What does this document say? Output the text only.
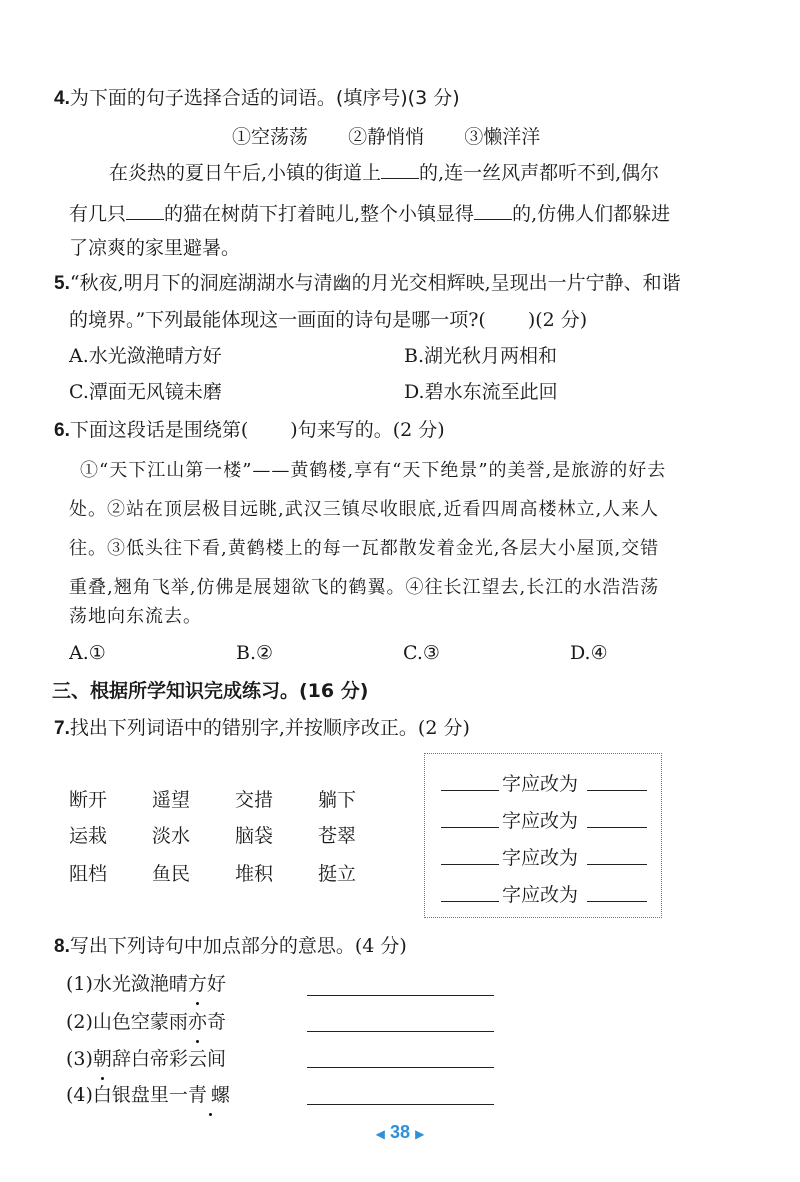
4.为下面的句子选择合适的词语。(填序号)(3 分)
①空荡荡 ②静悄悄 ③懒洋洋
在炎热的夏日午后,小镇的街道上 的,连一丝风声都听不到,偶尔
有几只 的猫在树荫下打着盹儿,整个小镇显得 的,仿佛人们都躲进
了凉爽的家里避暑。
5.“秋夜,明月下的洞庭湖湖水与清幽的月光交相辉映,呈现出一片宁静、和谐
的境界。”下列最能体现这一画面的诗句是哪一项?( )(2 分)
A.水光潋滟晴方好	B.湖光秋月两相和
C.潭面无风镜未磨	D.碧水东流至此回
6.下面这段话是围绕第( )句来写的。(2 分)
①“天下江山第一楼”——黄鹤楼,享有“天下绝景”的美誉,是旅游的好去
处。②站在顶层极目远眺,武汉三镇尽收眼底,近看四周高楼林立,人来人
往。③低头往下看,黄鹤楼上的每一瓦都散发着金光,各层大小屋顶,交错
重叠,翘角飞举,仿佛是展翅欲飞的鹤翼。④往长江望去,长江的水浩浩荡
荡地向东流去。
A.①	B.②	C.③	D.④
三、根据所学知识完成练习。(16 分)
7.找出下列词语中的错别字,并按顺序改正。(2 分)
断开 遥望 交措 躺下
运栽 淡水 脑袋 苍翠
阻档 鱼民 堆积 挺立
字应改为
字应改为
字应改为
字应改为
8.写出下列诗句中加点部分的意思。(4 分)
(1)水光潋滟晴方好
(2)山色空蒙雨亦奇
(3)朝辞白帝彩云间
(4)白银盘里一青螺
◀ 38 ▶
